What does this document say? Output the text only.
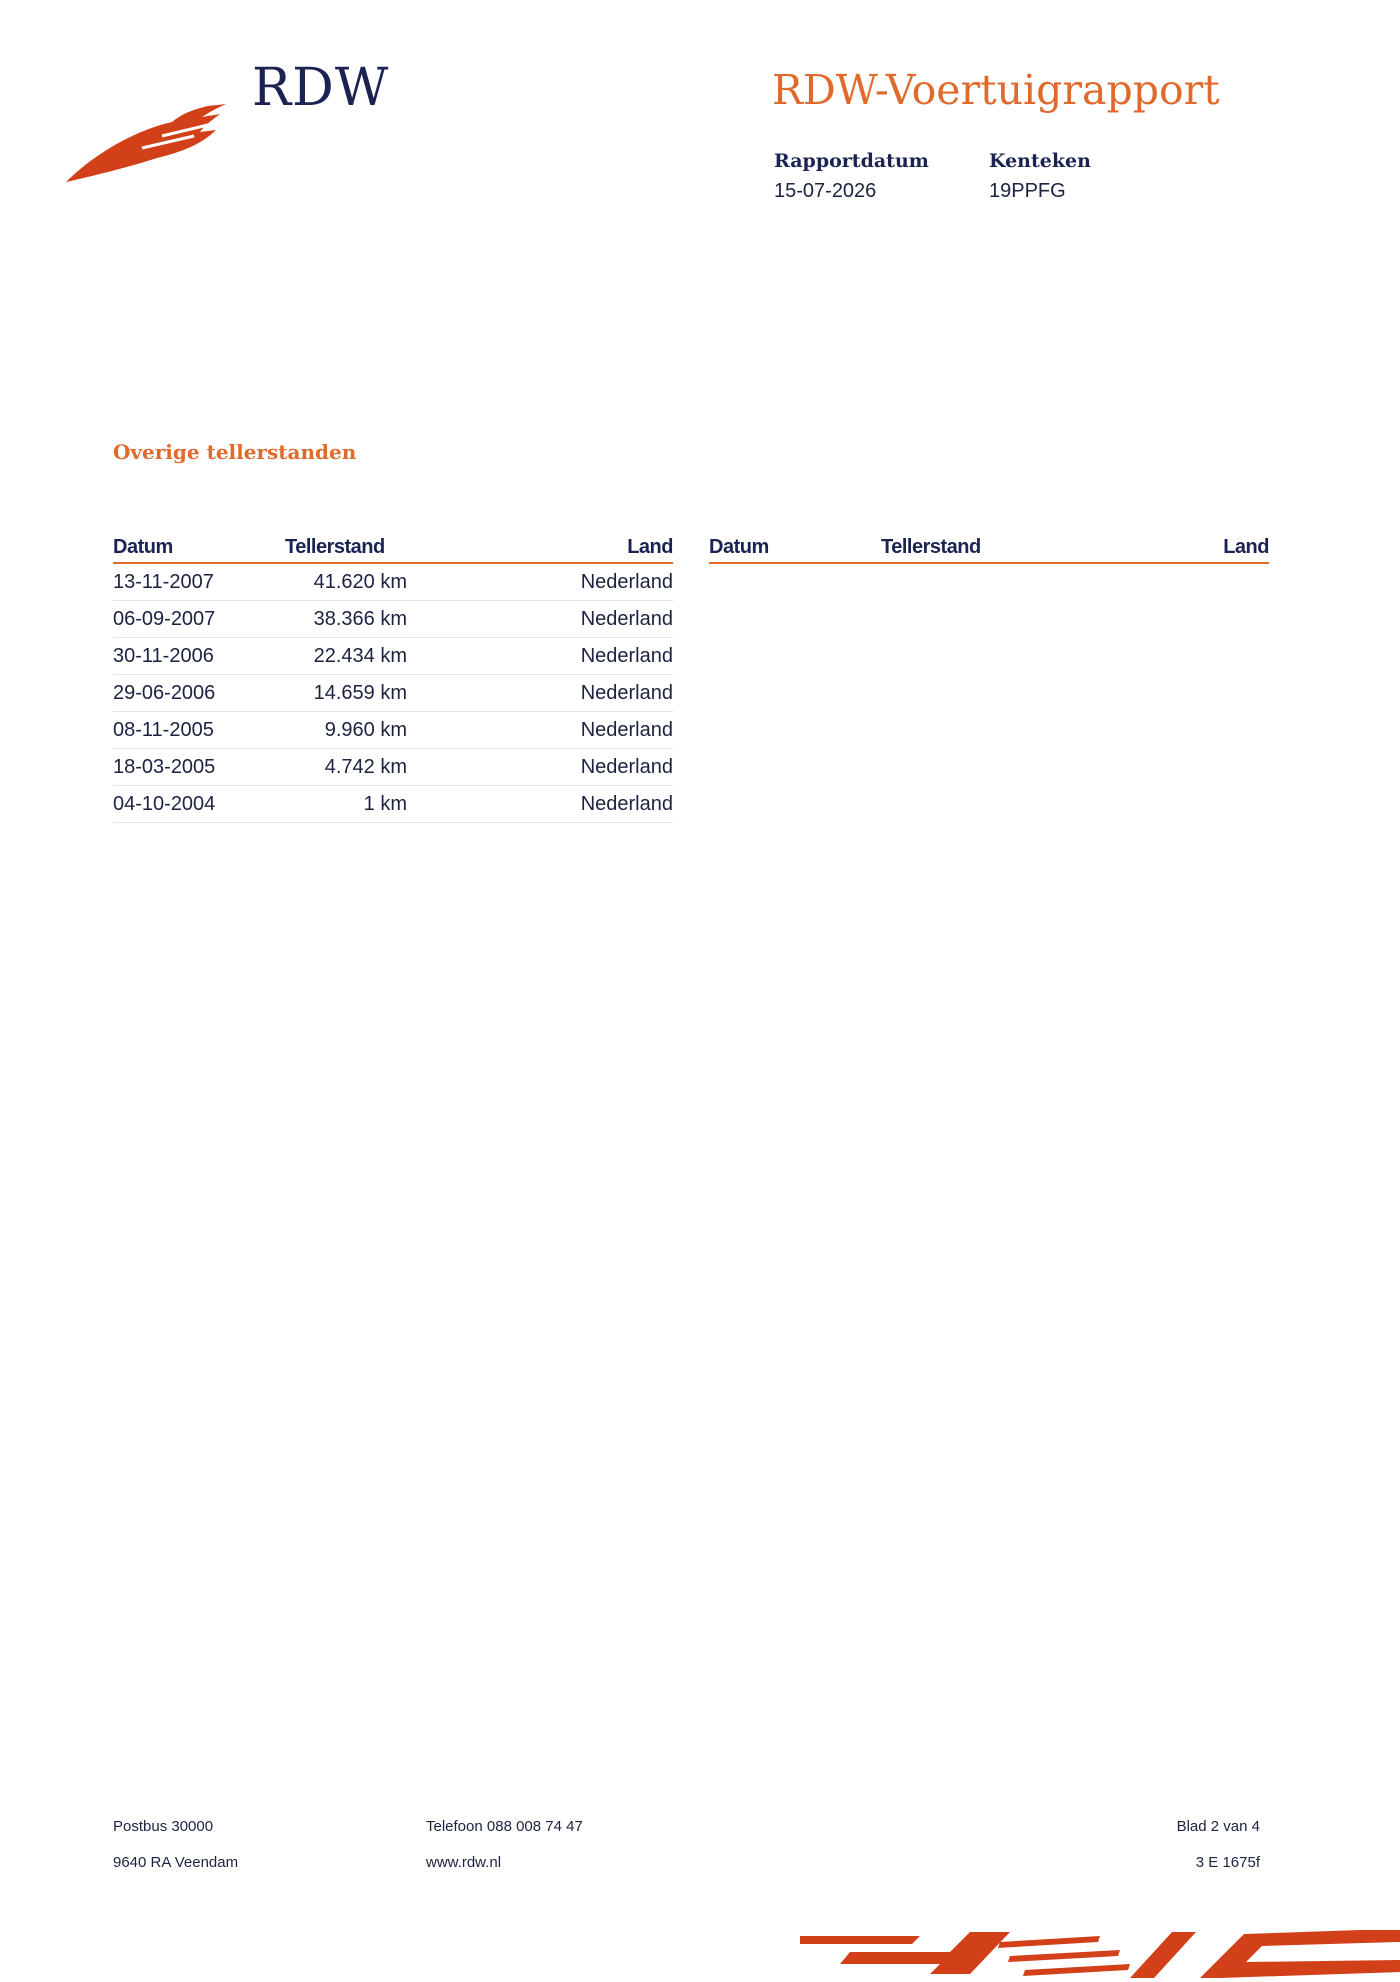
RDW	RDW-Voertuigrapport
Rapportdatum
15-07-2026
Kenteken
19PPFG
Overige tellerstanden
Datum	Tellerstand	Land
13-11-2007	41.620 km	Nederland
06-09-2007	38.366 km	Nederland
30-11-2006	22.434 km	Nederland
29-06-2006	14.659 km	Nederland
08-11-2005	9.960 km	Nederland
18-03-2005	4.742 km	Nederland
04-10-2004	1 km	Nederland
Datum	Tellerstand	Land
Postbus 30000
9640 RA Veendam
Telefoon 088 008 74 47
www.rdw.nl
Blad 2 van 4
3 E 1675f
